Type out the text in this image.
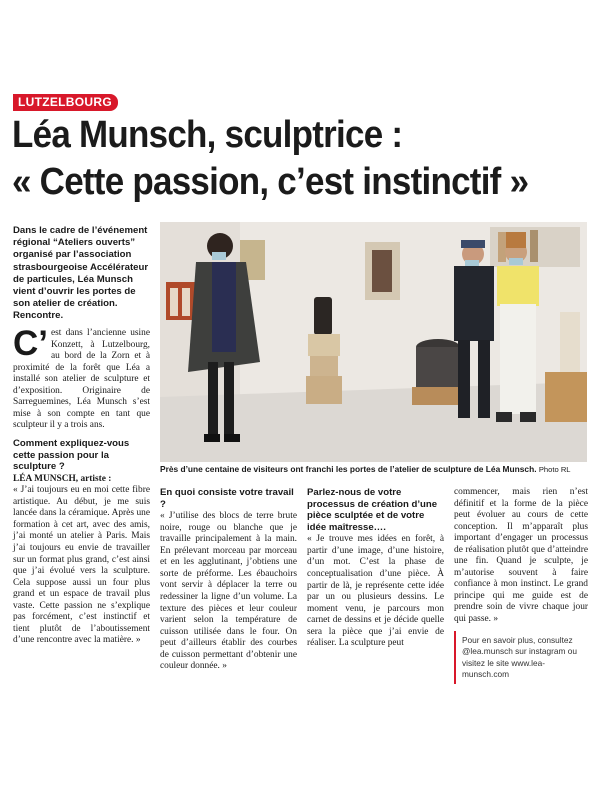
LUTZELBOURG
Léa Munsch, sculptrice :
« Cette passion, c’est instinctif »

Dans le cadre de l’événement régional “Ateliers ouverts” organisé par l’association strasbourgeoise Accélérateur de particules, Léa Munsch vient d’ouvrir les portes de son atelier de création. Rencontre.

C’ est dans l’ancienne usine Konzett, à Lutzelbourg, au bord de la Zorn et à proximité de la forêt que Léa a installé son atelier de sculpture et d’exposition. Originaire de Sarreguemines, Léa Munsch s’est mise à son compte en tant que sculpteur il y a trois ans.

Comment expliquez-vous cette passion pour la sculpture ?

LÉA MUNSCH, artiste :

« J’ai toujours eu en moi cette fibre artistique. Au début, je me suis lancée dans la céramique. Après une formation à cet art, avec des amis, j’ai monté un atelier à Paris. Mais j’ai toujours eu envie de travailler sur un format plus grand, c’est ainsi que j’ai évolué vers la sculpture. Cela suppose aussi un four plus grand et un espace de travail plus vaste. Cette passion ne s’explique pas forcément, c’est instinctif et tient plutôt de l’aboutissement d’une rencontre avec la matière. »

Près d’une centaine de visiteurs ont franchi les portes de l’atelier de sculpture de Léa Munsch. Photo RL

En quoi consiste votre travail ?

« J’utilise des blocs de terre brute noire, rouge ou blanche que je travaille principalement à la main. En prélevant morceau par morceau et en les agglutinant, j’obtiens une sorte de préforme. Les ébauchoirs vont servir à déplacer la terre ou redessiner la ligne d’un volume. La texture des pièces et leur couleur varient selon la température de cuisson utilisée dans le four. On peut d’ailleurs établir des courbes de cuisson permettant d’obtenir une couleur donnée. »

Parlez-nous de votre processus de création d’une pièce sculptée et de votre idée maîtresse….

« Je trouve mes idées en forêt, à partir d’une image, d’une histoire, d’un mot. C’est la phase de conceptualisation d’une pièce. À partir de là, je représente cette idée par un ou plusieurs dessins. Le moment venu, je parcours mon carnet de dessins et je décide quelle sera la pièce que j’ai envie de réaliser. La sculpture peut

commencer, mais rien n’est définitif et la forme de la pièce peut évoluer au cours de cette conception. Il m’apparaît plus important d’engager un processus de réalisation plutôt que d’atteindre une fin. Quand je sculpte, je m’autorise souvent à faire confiance à mon instinct. Le grand principe qui me guide est de prendre soin de vivre chaque jour qui passe. »

Pour en savoir plus, consultez @lea.munsch sur instagram ou visitez le site www.lea-munsch.com
